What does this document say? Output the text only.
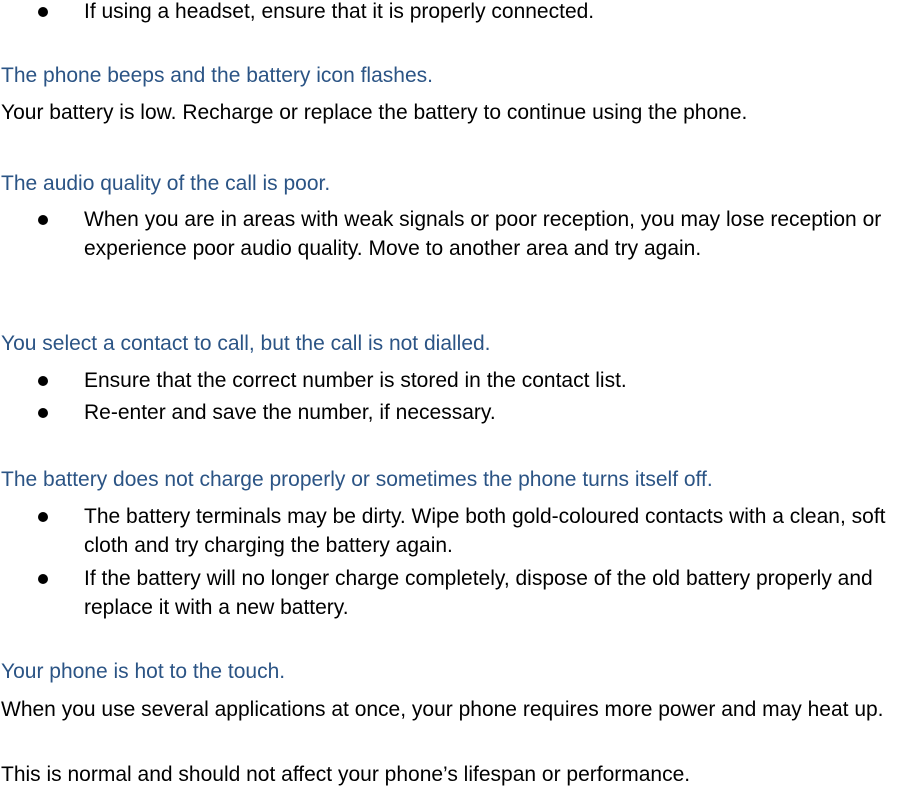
If using a headset, ensure that it is properly connected.
The phone beeps and the battery icon flashes.
Your battery is low. Recharge or replace the battery to continue using the phone.
The audio quality of the call is poor.
When you are in areas with weak signals or poor reception, you may lose reception or experience poor audio quality. Move to another area and try again.
You select a contact to call, but the call is not dialled.
Ensure that the correct number is stored in the contact list.
Re-enter and save the number, if necessary.
The battery does not charge properly or sometimes the phone turns itself off.
The battery terminals may be dirty. Wipe both gold-coloured contacts with a clean, soft cloth and try charging the battery again.
If the battery will no longer charge completely, dispose of the old battery properly and replace it with a new battery.
Your phone is hot to the touch.
When you use several applications at once, your phone requires more power and may heat up.
This is normal and should not affect your phone’s lifespan or performance.
